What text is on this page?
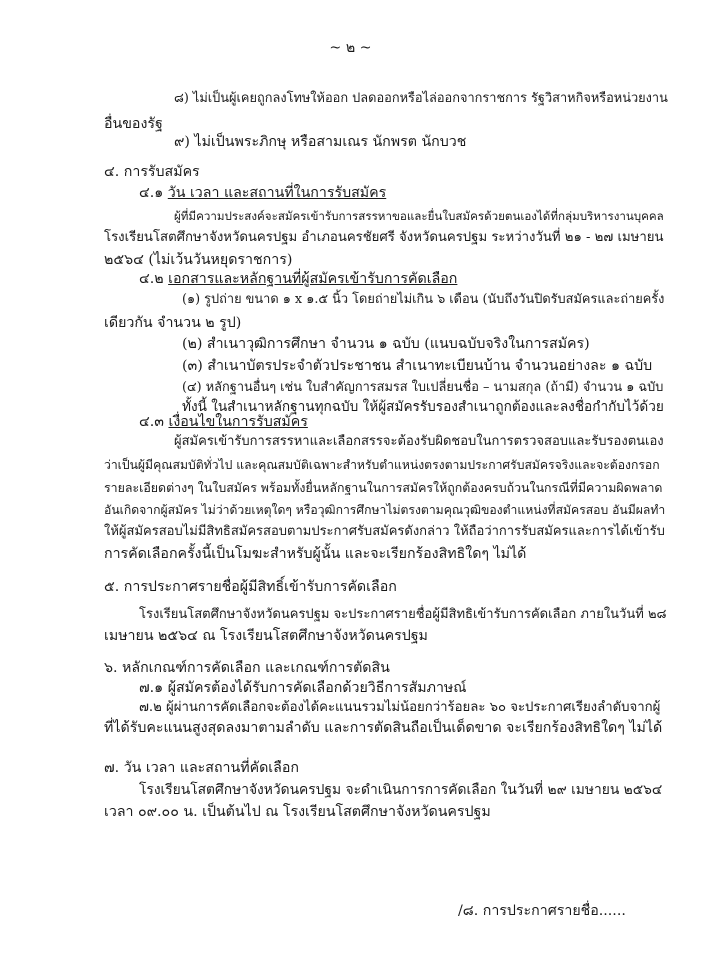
~ ๒ ~
๘) ไม่เป็นผู้เคยถูกลงโทษให้ออก ปลดออกหรือไล่ออกจากราชการ รัฐวิสาหกิจหรือหน่วยงาน
อื่นของรัฐ
๙) ไม่เป็นพระภิกษุ หรือสามเณร นักพรต นักบวช
๔. การรับสมัคร
๔.๑ วัน เวลา และสถานที่ในการรับสมัคร
ผู้ที่มีความประสงค์จะสมัครเข้ารับการสรรหาขอและยื่นใบสมัครด้วยตนเองได้ที่กลุ่มบริหารงานบุคคล
โรงเรียนโสตศึกษาจังหวัดนครปฐม อำเภอนครชัยศรี จังหวัดนครปฐม ระหว่างวันที่ ๒๑ - ๒๗ เมษายน
๒๕๖๔ (ไม่เว้นวันหยุดราชการ)
๔.๒ เอกสารและหลักฐานที่ผู้สมัครเข้ารับการคัดเลือก
(๑) รูปถ่าย ขนาด ๑ x ๑.๕ นิ้ว โดยถ่ายไม่เกิน ๖ เดือน (นับถึงวันปิดรับสมัครและถ่ายครั้ง
เดียวกัน จำนวน ๒ รูป)
(๒) สำเนาวุฒิการศึกษา จำนวน ๑ ฉบับ (แนบฉบับจริงในการสมัคร)
(๓) สำเนาบัตรประจำตัวประชาชน สำเนาทะเบียนบ้าน จำนวนอย่างละ ๑ ฉบับ
(๔) หลักฐานอื่นๆ เช่น ใบสำคัญการสมรส ใบเปลี่ยนชื่อ – นามสกุล (ถ้ามี) จำนวน ๑ ฉบับ
ทั้งนี้ ในสำเนาหลักฐานทุกฉบับ ให้ผู้สมัครรับรองสำเนาถูกต้องและลงชื่อกำกับไว้ด้วย
๔.๓ เงื่อนไขในการรับสมัคร
ผู้สมัครเข้ารับการสรรหาและเลือกสรรจะต้องรับผิดชอบในการตรวจสอบและรับรองตนเอง
ว่าเป็นผู้มีคุณสมบัติทั่วไป และคุณสมบัติเฉพาะสำหรับตำแหน่งตรงตามประกาศรับสมัครจริงและจะต้องกรอก
รายละเอียดต่างๆ ในใบสมัคร พร้อมทั้งยื่นหลักฐานในการสมัครให้ถูกต้องครบถ้วนในกรณีที่มีความผิดพลาด
อันเกิดจากผู้สมัคร ไม่ว่าด้วยเหตุใดๆ หรือวุฒิการศึกษาไม่ตรงตามคุณวุฒิของตำแหน่งที่สมัครสอบ อันมีผลทำ
ให้ผู้สมัครสอบไม่มีสิทธิสมัครสอบตามประกาศรับสมัครดังกล่าว ให้ถือว่าการรับสมัครและการได้เข้ารับ
การคัดเลือกครั้งนี้เป็นโมฆะสำหรับผู้นั้น และจะเรียกร้องสิทธิใดๆ ไม่ได้
๕. การประกาศรายชื่อผู้มีสิทธิ์เข้ารับการคัดเลือก
โรงเรียนโสตศึกษาจังหวัดนครปฐม จะประกาศรายชื่อผู้มีสิทธิเข้ารับการคัดเลือก ภายในวันที่ ๒๘
เมษายน ๒๕๖๔ ณ โรงเรียนโสตศึกษาจังหวัดนครปฐม
๖. หลักเกณฑ์การคัดเลือก และเกณฑ์การตัดสิน
๗.๑ ผู้สมัครต้องได้รับการคัดเลือกด้วยวิธีการสัมภาษณ์
๗.๒ ผู้ผ่านการคัดเลือกจะต้องได้คะแนนรวมไม่น้อยกว่าร้อยละ ๖๐ จะประกาศเรียงลำดับจากผู้
ที่ได้รับคะแนนสูงสุดลงมาตามลำดับ และการตัดสินถือเป็นเด็ดขาด จะเรียกร้องสิทธิใดๆ ไม่ได้
๗. วัน เวลา และสถานที่คัดเลือก
โรงเรียนโสตศึกษาจังหวัดนครปฐม จะดำเนินการการคัดเลือก ในวันที่ ๒๙ เมษายน ๒๕๖๔
เวลา ๐๙.๐๐ น. เป็นต้นไป ณ โรงเรียนโสตศึกษาจังหวัดนครปฐม
/๘. การประกาศรายชื่อ......
